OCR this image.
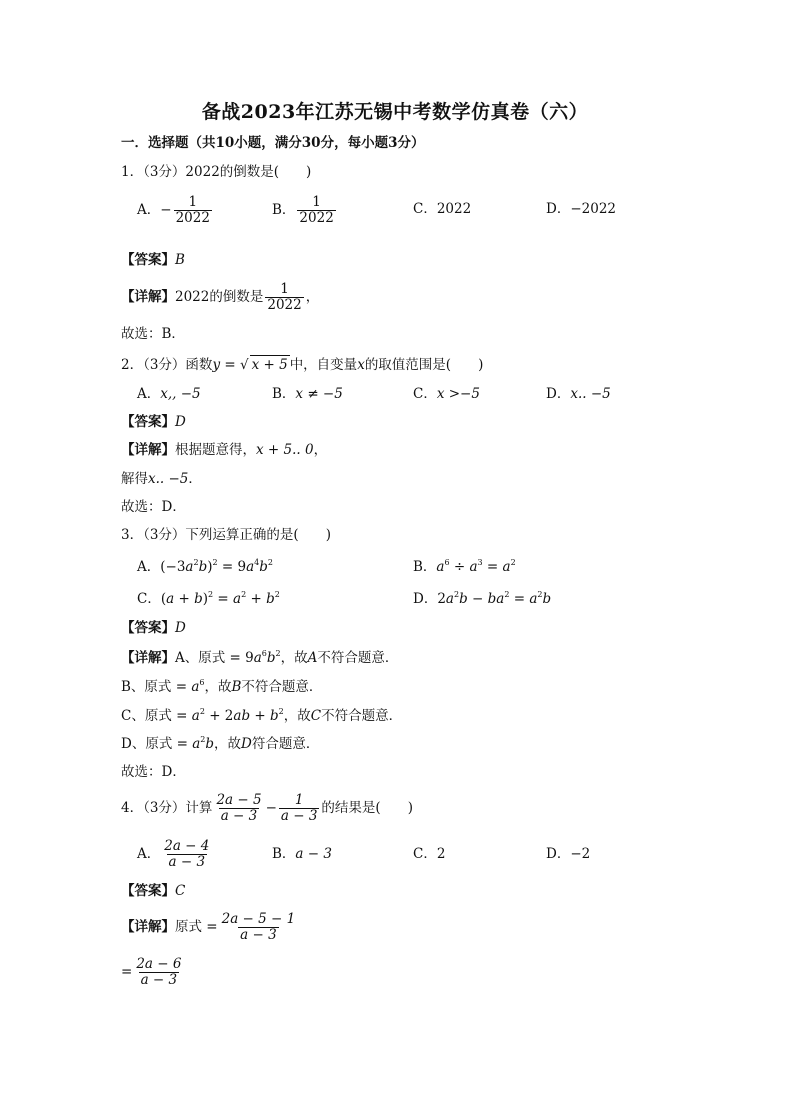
备战2023年江苏无锡中考数学仿真卷（六）
一．选择题（共10小题，满分30分，每小题3分）
1．（3分）2022的倒数是(　　)
A．− $\frac{1}{2022}$	B． $\frac{1}{2022}$	C．2022	D．−2022
【答案】B
【详解】2022的倒数是 $\frac{1}{2022}$ ，
故选：B．
2．（3分）函数y = √ x + 5 中，自变量x的取值范围是(　　)
A．x,, −5	B．x ≠ −5	C．x >−5	D．x.. −5
【答案】D
【详解】根据题意得，x + 5.. 0，
解得x.. −5．
故选：D．
3．（3分）下列运算正确的是(　　)
A．$(-3a^2b)^2 = 9a^4b^2$	B．$a^6 \div a^3 = a^2$
C．$(a + b)^2 = a^2 + b^2$	D．$2a^2b - ba^2 = a^2b$
【答案】D
【详解】A、原式 = $9a^6b^2$，故A不符合题意．
B、原式 = $a^6$，故B不符合题意．
C、原式 = $a^2 + 2ab + b^2$，故C不符合题意．
D、原式 = $a^2b$，故D符合题意．
故选：D．
4．（3分）计算 $\frac{2a - 5}{a - 3} - \frac{1}{a - 3}$ 的结果是(　　)
A． $\frac{2a - 4}{a - 3}$	B．a − 3	C．2	D．−2
【答案】C
【详解】原式 = $\frac{2a - 5 - 1}{a - 3}$
= $\frac{2a - 6}{a - 3}$
